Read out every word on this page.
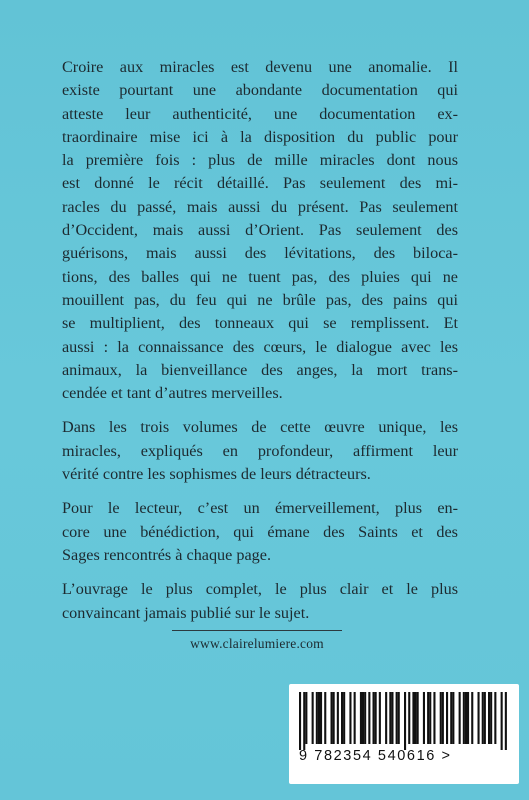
Croire aux miracles est devenu une anomalie. Il
existe pourtant une abondante documentation qui
atteste leur authenticité, une documentation ex-
traordinaire mise ici à la disposition du public pour
la première fois : plus de mille miracles dont nous
est donné le récit détaillé. Pas seulement des mi-
racles du passé, mais aussi du présent. Pas seulement
d’Occident, mais aussi d’Orient. Pas seulement des
guérisons, mais aussi des lévitations, des biloca-
tions, des balles qui ne tuent pas, des pluies qui ne
mouillent pas, du feu qui ne brûle pas, des pains qui
se multiplient, des tonneaux qui se remplissent. Et
aussi : la connaissance des cœurs, le dialogue avec les
animaux, la bienveillance des anges, la mort trans-
cendée et tant d’autres merveilles.

Dans les trois volumes de cette œuvre unique, les
miracles, expliqués en profondeur, affirment leur
vérité contre les sophismes de leurs détracteurs.

Pour le lecteur, c’est un émerveillement, plus en-
core une bénédiction, qui émane des Saints et des
Sages rencontrés à chaque page.

L’ouvrage le plus complet, le plus clair et le plus
convaincant jamais publié sur le sujet.

www.clairelumiere.com
9 782354 540616 >
